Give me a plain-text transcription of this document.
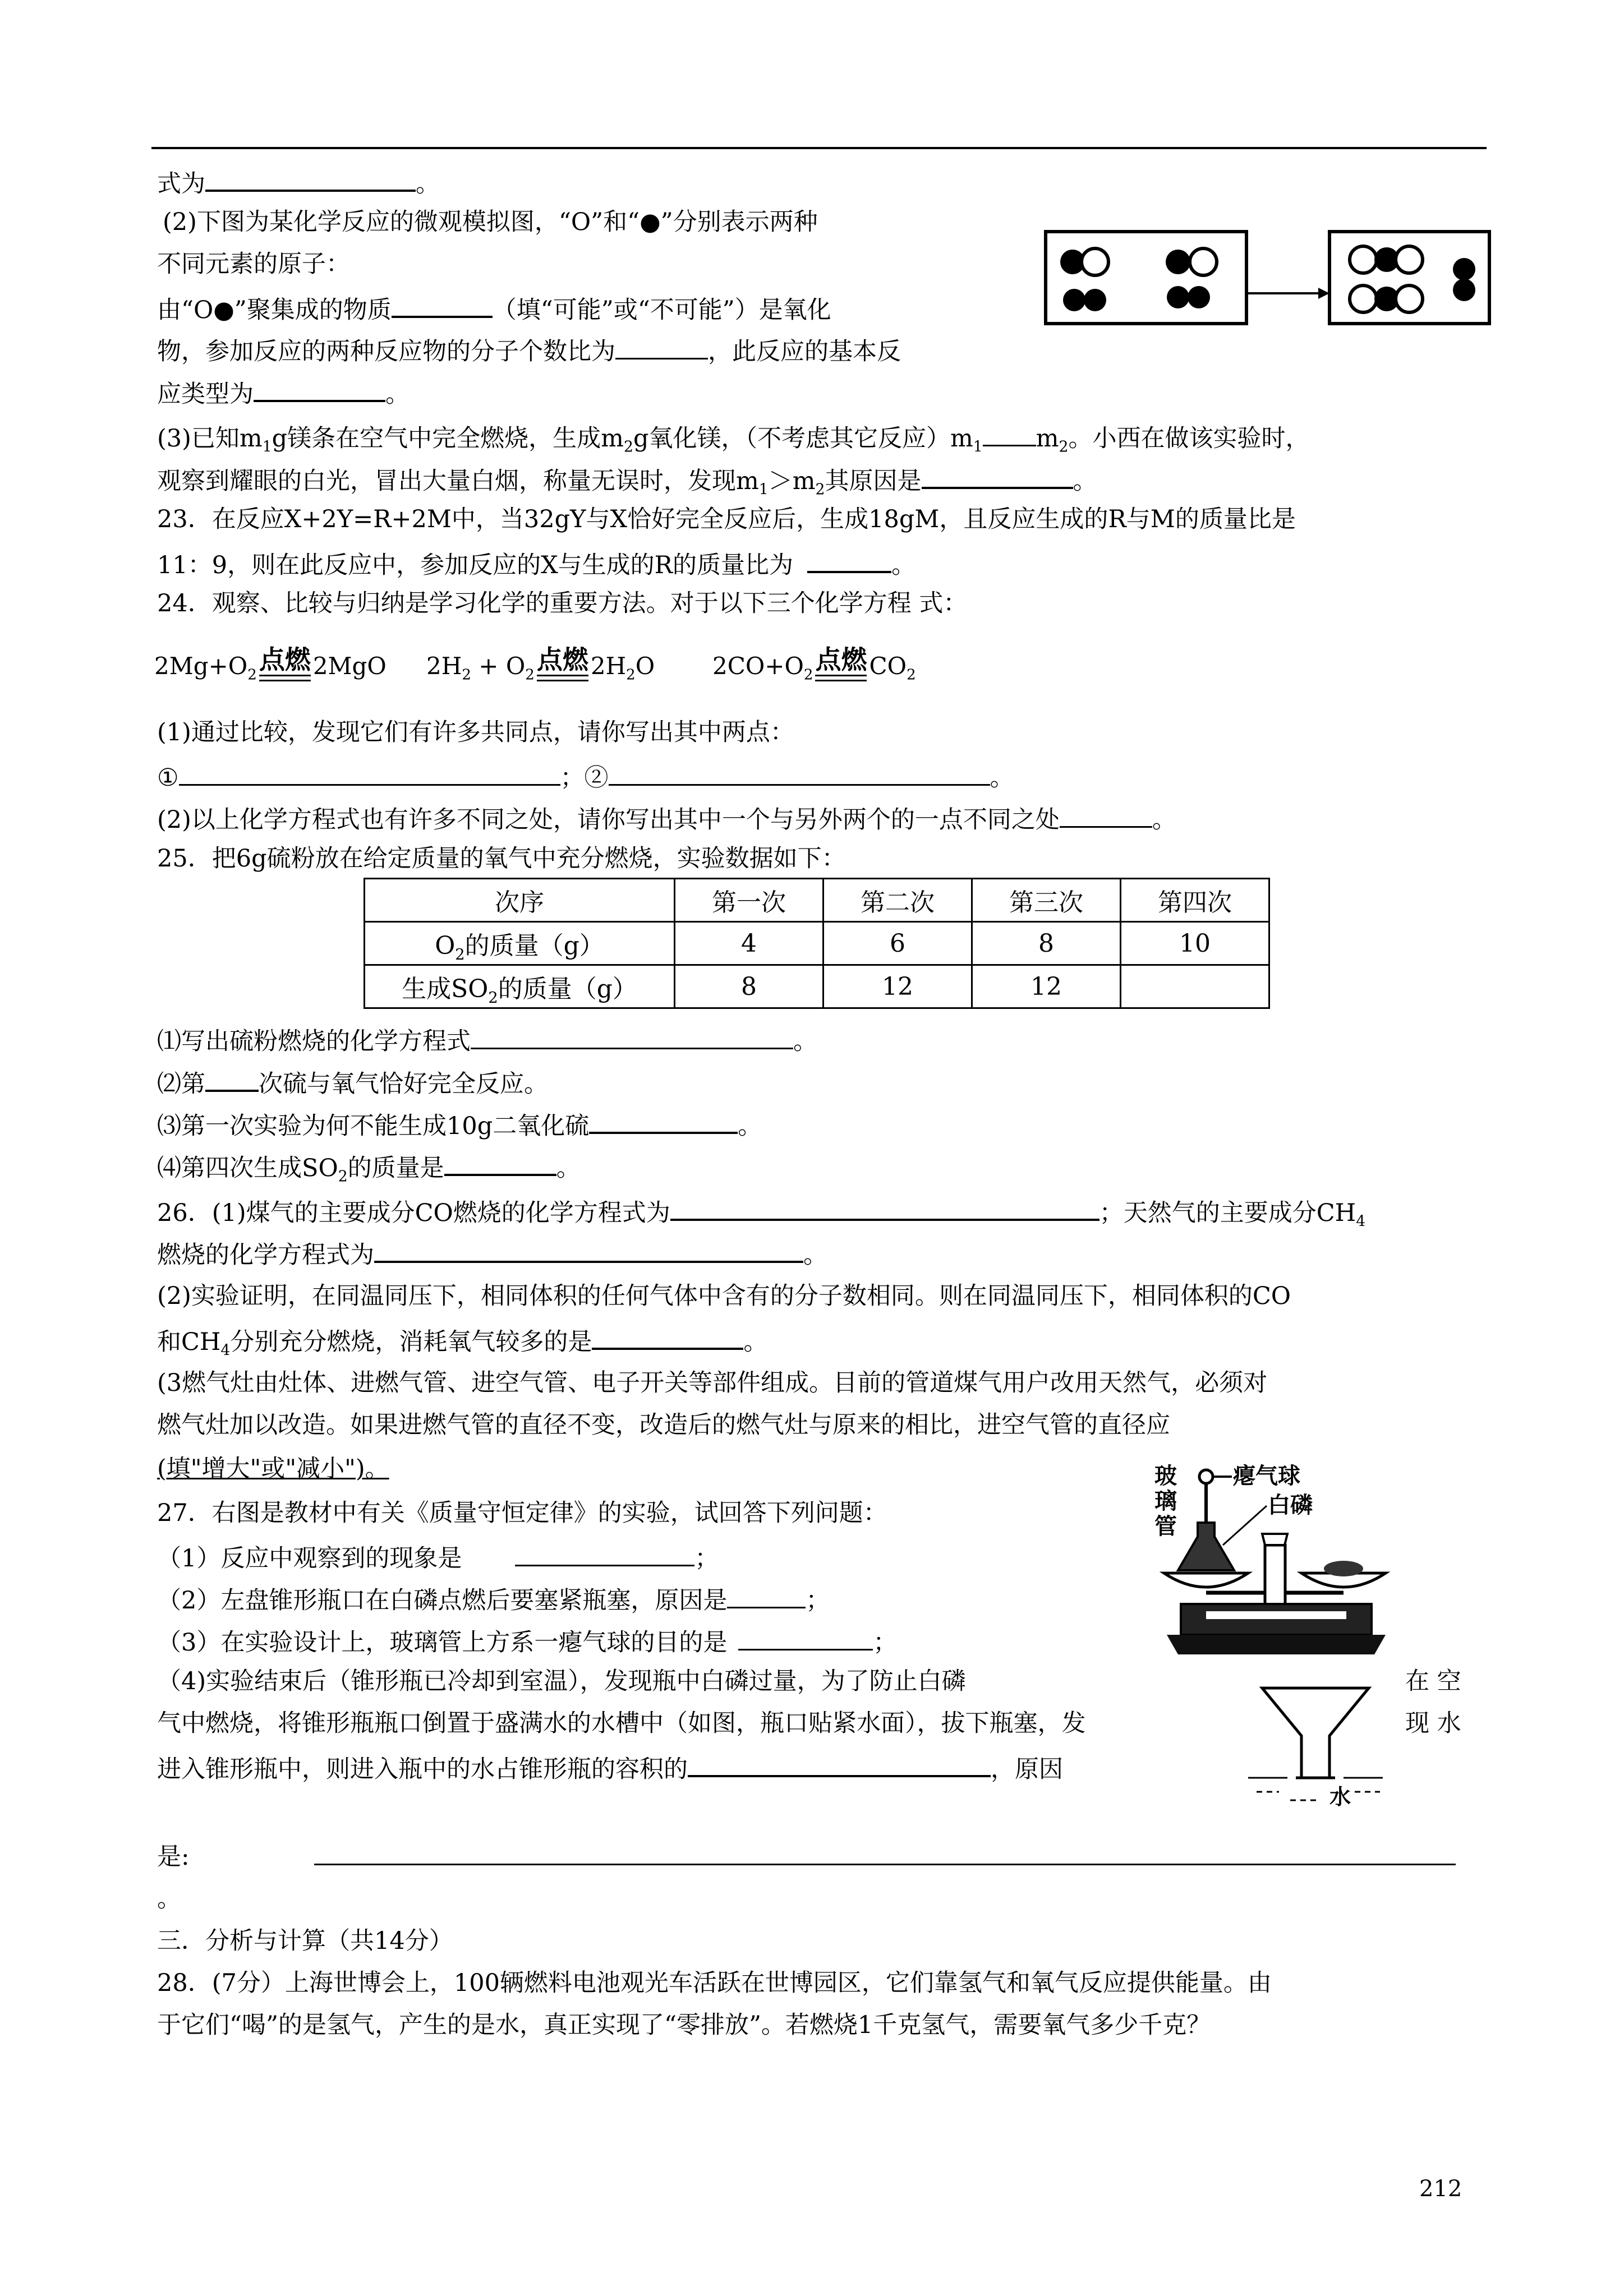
式为	。
(2)下图为某化学反应的微观模拟图，“O”和“●”分别表示两种
不同元素的原子：
由“O●”聚集成的物质	（填“可能”或“不可能”）是氧化
物，参加反应的两种反应物的分子个数比为	，此反应的基本反
应类型为	。
(3)已知$m_1g$镁条在空气中完全燃烧，生成$m_2g$氧化镁，（不考虑其它反应）$m_1$ $m_2$。小西在做该实验时，
观察到耀眼的白光，冒出大量白烟，称量无误时，发现$m_1>m_2$其原因是	。
23．在反应X+2Y=R+2M中，当32gY与X恰好完全反应后，生成18gM，且反应生成的R与M的质量比是
11：9，则在此反应中，参加反应的X与生成的R的质量比为	。
24．观察、比较与归纳是学习化学的重要方法。对于以下三个化学方程 式：
$2Mg+O_2$
点燃 2MgO $2H_2 + O_2$
点燃 $2H_2O$ $2CO+O_2$
点燃 $CO_2$
(1)通过比较，发现它们有许多共同点，请你写出其中两点：
①	；②	。
(2)以上化学方程式也有许多不同之处，请你写出其中一个与另外两个的一点不同之处	。
25．把6g硫粉放在给定质量的氧气中充分燃烧，实验数据如下：
次序	第一次	第二次	第三次	第四次
$O_2$的质量（g）	4	6	8	10
生成$SO_2$的质量（g）	8	12	12	
⑴写出硫粉燃烧的化学方程式	。
⑵第 次硫与氧气恰好完全反应。
⑶第一次实验为何不能生成10g二氧化硫	。
⑷第四次生成$SO_2$的质量是	。
26．(1)煤气的主要成分CO燃烧的化学方程式为	；天然气的主要成分$CH_4$
燃烧的化学方程式为	。
(2)实验证明，在同温同压下，相同体积的任何气体中含有的分子数相同。则在同温同压下，相同体积的CO
和$CH_4$分别充分燃烧，消耗氧气较多的是	。
(3燃气灶由灶体、进燃气管、进空气管、电子开关等部件组成。目前的管道煤气用户改用天然气，必须对
燃气灶加以改造。如果进燃气管的直径不变，改造后的燃气灶与原来的相比，进空气管的直径应
(填"增大"或"减小")。
27．右图是教材中有关《质量守恒定律》的实验，试回答下列问题：
（1）反应中观察到的现象是	；
（2）左盘锥形瓶口在白磷点燃后要塞紧瓶塞，原因是	；
（3）在实验设计上，玻璃管上方系一瘪气球的目的是	；
（4)实验结束后（锥形瓶已冷却到室温），发现瓶中白磷过量，为了防止白磷	在 空
气中燃烧，将锥形瓶瓶口倒置于盛满水的水槽中（如图，瓶口贴紧水面），拔下瓶塞，发	现 水
进入锥形瓶中，则进入瓶中的水占锥形瓶的容积的	，原因
是:
。
三．分析与计算（共14分）
28．(7分）上海世博会上，100辆燃料电池观光车活跃在世博园区，它们靠氢气和氧气反应提供能量。由
于它们“喝”的是氢气，产生的是水，真正实现了“零排放”。若燃烧1千克氢气，需要氧气多少千克？
玻
璃
管
瘪气球
白磷
水
212
